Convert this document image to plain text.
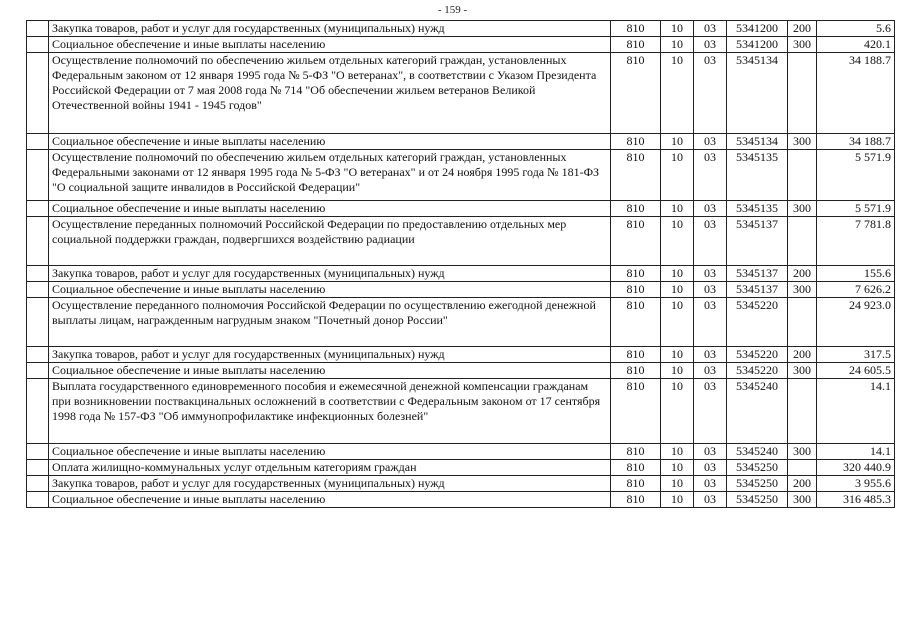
- 159 -
	Закупка товаров, работ и услуг для государственных (муниципальных) нужд	810	10	03	5341200	200	5.6
	Социальное обеспечение и иные выплаты населению	810	10	03	5341200	300	420.1
	Осуществление полномочий по обеспечению жильем отдельных категорий граждан, установленных Федеральным законом от 12 января 1995 года № 5-ФЗ "О ветеранах", в соответствии с Указом Президента Российской Федерации от 7 мая 2008 года № 714 "Об обеспечении жильем ветеранов Великой Отечественной войны 1941 - 1945 годов"	810	10	03	5345134		34 188.7
	Социальное обеспечение и иные выплаты населению	810	10	03	5345134	300	34 188.7
	Осуществление полномочий по обеспечению жильем отдельных категорий граждан, установленных Федеральными законами от 12 января 1995 года № 5-ФЗ "О ветеранах" и от 24 ноября 1995 года № 181-ФЗ "О социальной защите инвалидов в Российской Федерации"	810	10	03	5345135		5 571.9
	Социальное обеспечение и иные выплаты населению	810	10	03	5345135	300	5 571.9
	Осуществление переданных полномочий Российской Федерации по предоставлению отдельных мер социальной поддержки граждан, подвергшихся воздействию радиации	810	10	03	5345137		7 781.8
	Закупка товаров, работ и услуг для государственных (муниципальных) нужд	810	10	03	5345137	200	155.6
	Социальное обеспечение и иные выплаты населению	810	10	03	5345137	300	7 626.2
	Осуществление переданного полномочия Российской Федерации по осуществлению ежегодной денежной выплаты лицам, награжденным нагрудным знаком "Почетный донор России"	810	10	03	5345220		24 923.0
	Закупка товаров, работ и услуг для государственных (муниципальных) нужд	810	10	03	5345220	200	317.5
	Социальное обеспечение и иные выплаты населению	810	10	03	5345220	300	24 605.5
	Выплата государственного единовременного пособия и ежемесячной денежной компенсации гражданам при возникновении поствакцинальных осложнений в соответствии с Федеральным законом от 17 сентября 1998 года № 157-ФЗ "Об иммунопрофилактике инфекционных болезней"	810	10	03	5345240		14.1
	Социальное обеспечение и иные выплаты населению	810	10	03	5345240	300	14.1
	Оплата жилищно-коммунальных услуг отдельным категориям граждан	810	10	03	5345250		320 440.9
	Закупка товаров, работ и услуг для государственных (муниципальных) нужд	810	10	03	5345250	200	3 955.6
	Социальное обеспечение и иные выплаты населению	810	10	03	5345250	300	316 485.3
